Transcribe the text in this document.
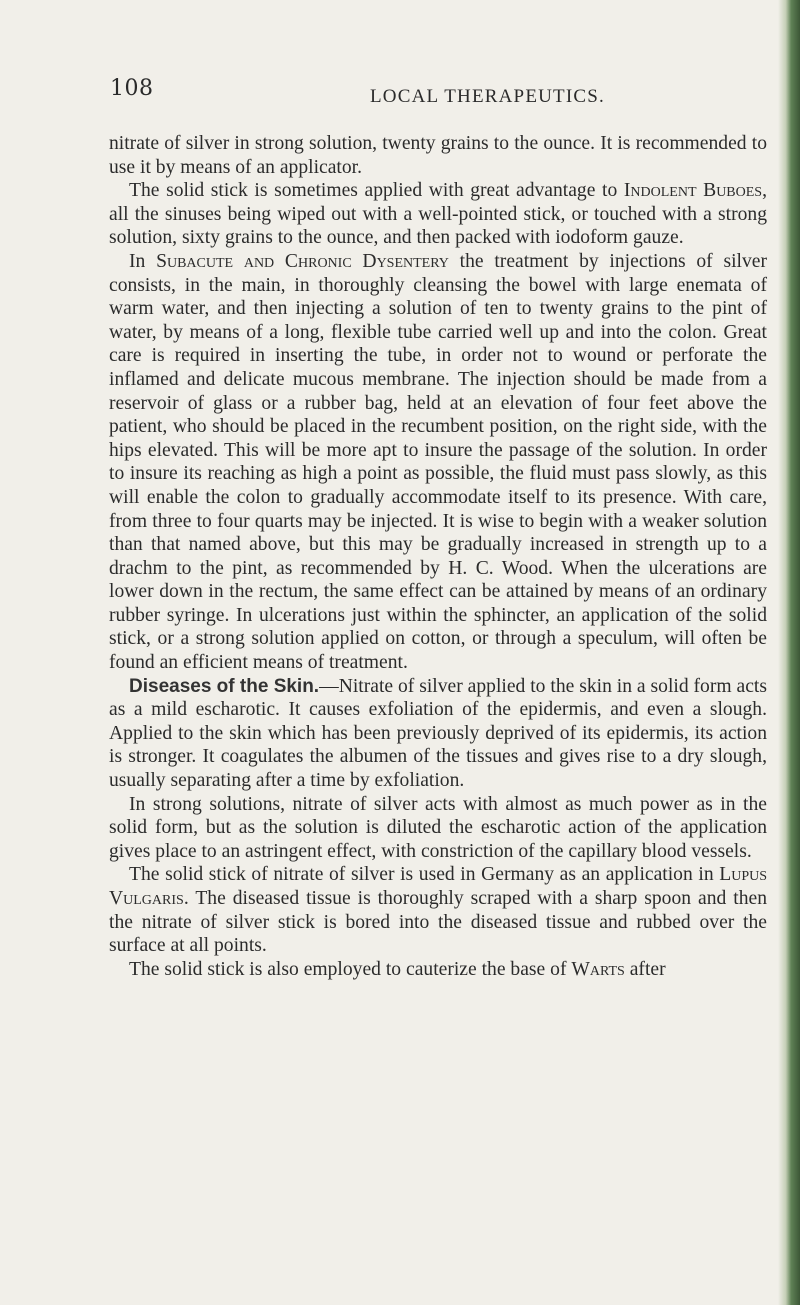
108	LOCAL THERAPEUTICS.

nitrate of silver in strong solution, twenty grains to the ounce. It is recommended to use it by means of an applicator.

The solid stick is sometimes applied with great advantage to Indolent Buboes, all the sinuses being wiped out with a well-pointed stick, or touched with a strong solution, sixty grains to the ounce, and then packed with iodoform gauze.

In Subacute and Chronic Dysentery the treatment by injections of silver consists, in the main, in thoroughly cleansing the bowel with large enemata of warm water, and then injecting a solution of ten to twenty grains to the pint of water, by means of a long, flexible tube carried well up and into the colon. Great care is required in inserting the tube, in order not to wound or perforate the inflamed and delicate mucous membrane. The injection should be made from a reservoir of glass or a rubber bag, held at an elevation of four feet above the patient, who should be placed in the recumbent position, on the right side, with the hips elevated. This will be more apt to insure the passage of the solution. In order to insure its reaching as high a point as possible, the fluid must pass slowly, as this will enable the colon to gradually accommodate itself to its presence. With care, from three to four quarts may be injected. It is wise to begin with a weaker solution than that named above, but this may be gradually increased in strength up to a drachm to the pint, as recommended by H. C. Wood. When the ulcerations are lower down in the rectum, the same effect can be attained by means of an ordinary rubber syringe. In ulcerations just within the sphincter, an application of the solid stick, or a strong solution applied on cotton, or through a speculum, will often be found an efficient means of treatment.

Diseases of the Skin.—Nitrate of silver applied to the skin in a solid form acts as a mild escharotic. It causes exfoliation of the epidermis, and even a slough. Applied to the skin which has been previously deprived of its epidermis, its action is stronger. It coagulates the albumen of the tissues and gives rise to a dry slough, usually separating after a time by exfoliation.

In strong solutions, nitrate of silver acts with almost as much power as in the solid form, but as the solution is diluted the escharotic action of the application gives place to an astringent effect, with constriction of the capillary blood vessels.

The solid stick of nitrate of silver is used in Germany as an application in Lupus Vulgaris. The diseased tissue is thoroughly scraped with a sharp spoon and then the nitrate of silver stick is bored into the diseased tissue and rubbed over the surface at all points.

The solid stick is also employed to cauterize the base of Warts after
